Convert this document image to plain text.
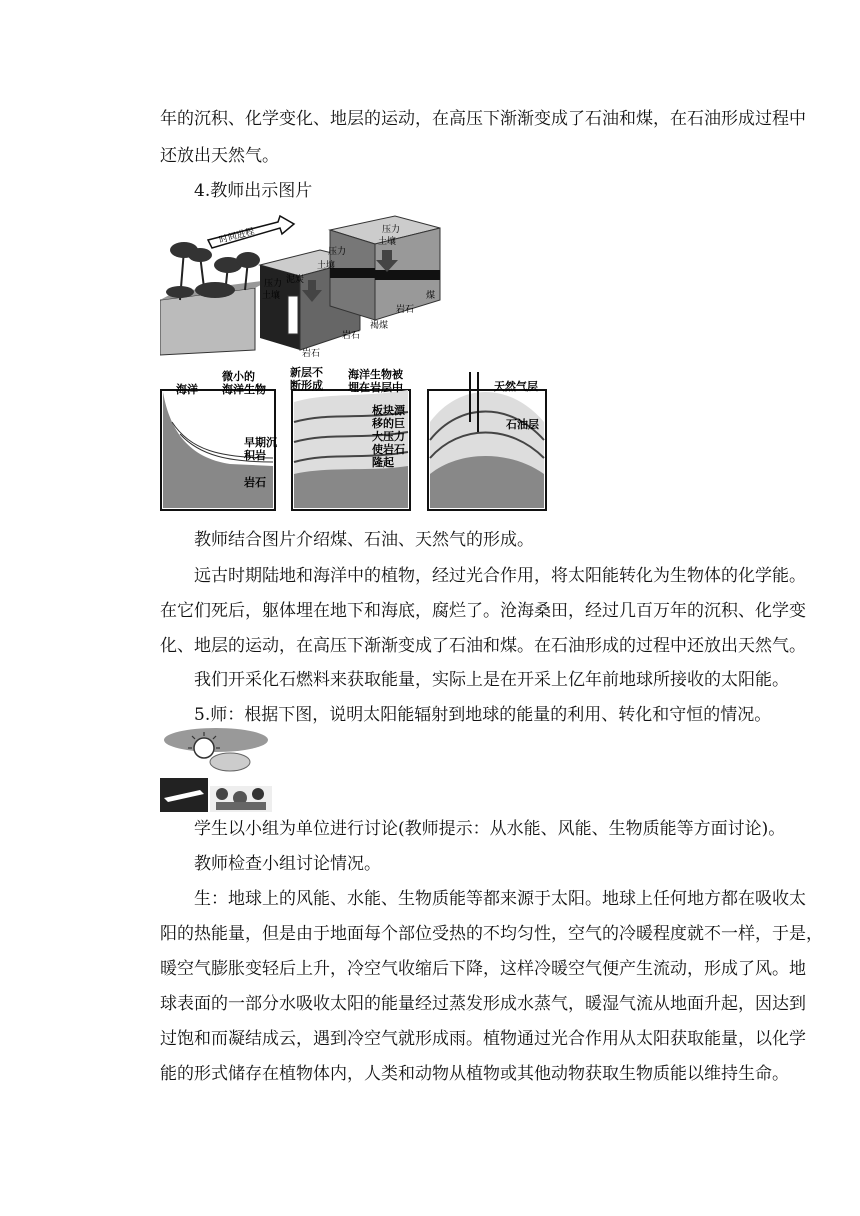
年的沉积、化学变化、地层的运动，在高压下渐渐变成了石油和煤，在石油形成过程中
还放出天然气。
4.教师出示图片
时间进程
压力
土壤
泥炭
压力
土壤
压力
土壤
煤
岩石
褐煤
岩石
岩石
海洋
微小的
海洋生物
早期沉
积岩
岩石
新层不
断形成
海洋生物被
埋在岩层中
板块漂
移的巨
大压力
使岩石
隆起
天然气层
石油层
教师结合图片介绍煤、石油、天然气的形成。
远古时期陆地和海洋中的植物，经过光合作用，将太阳能转化为生物体的化学能。
在它们死后，躯体埋在地下和海底，腐烂了。沧海桑田，经过几百万年的沉积、化学变
化、地层的运动，在高压下渐渐变成了石油和煤。在石油形成的过程中还放出天然气。
我们开采化石燃料来获取能量，实际上是在开采上亿年前地球所接收的太阳能。
5.师：根据下图，说明太阳能辐射到地球的能量的利用、转化和守恒的情况。
学生以小组为单位进行讨论(教师提示：从水能、风能、生物质能等方面讨论)。
教师检查小组讨论情况。
生：地球上的风能、水能、生物质能等都来源于太阳。地球上任何地方都在吸收太
阳的热能量，但是由于地面每个部位受热的不均匀性，空气的冷暖程度就不一样，于是，
暖空气膨胀变轻后上升，冷空气收缩后下降，这样冷暖空气便产生流动，形成了风。地
球表面的一部分水吸收太阳的能量经过蒸发形成水蒸气，暖湿气流从地面升起，因达到
过饱和而凝结成云，遇到冷空气就形成雨。植物通过光合作用从太阳获取能量，以化学
能的形式储存在植物体内，人类和动物从植物或其他动物获取生物质能以维持生命。
